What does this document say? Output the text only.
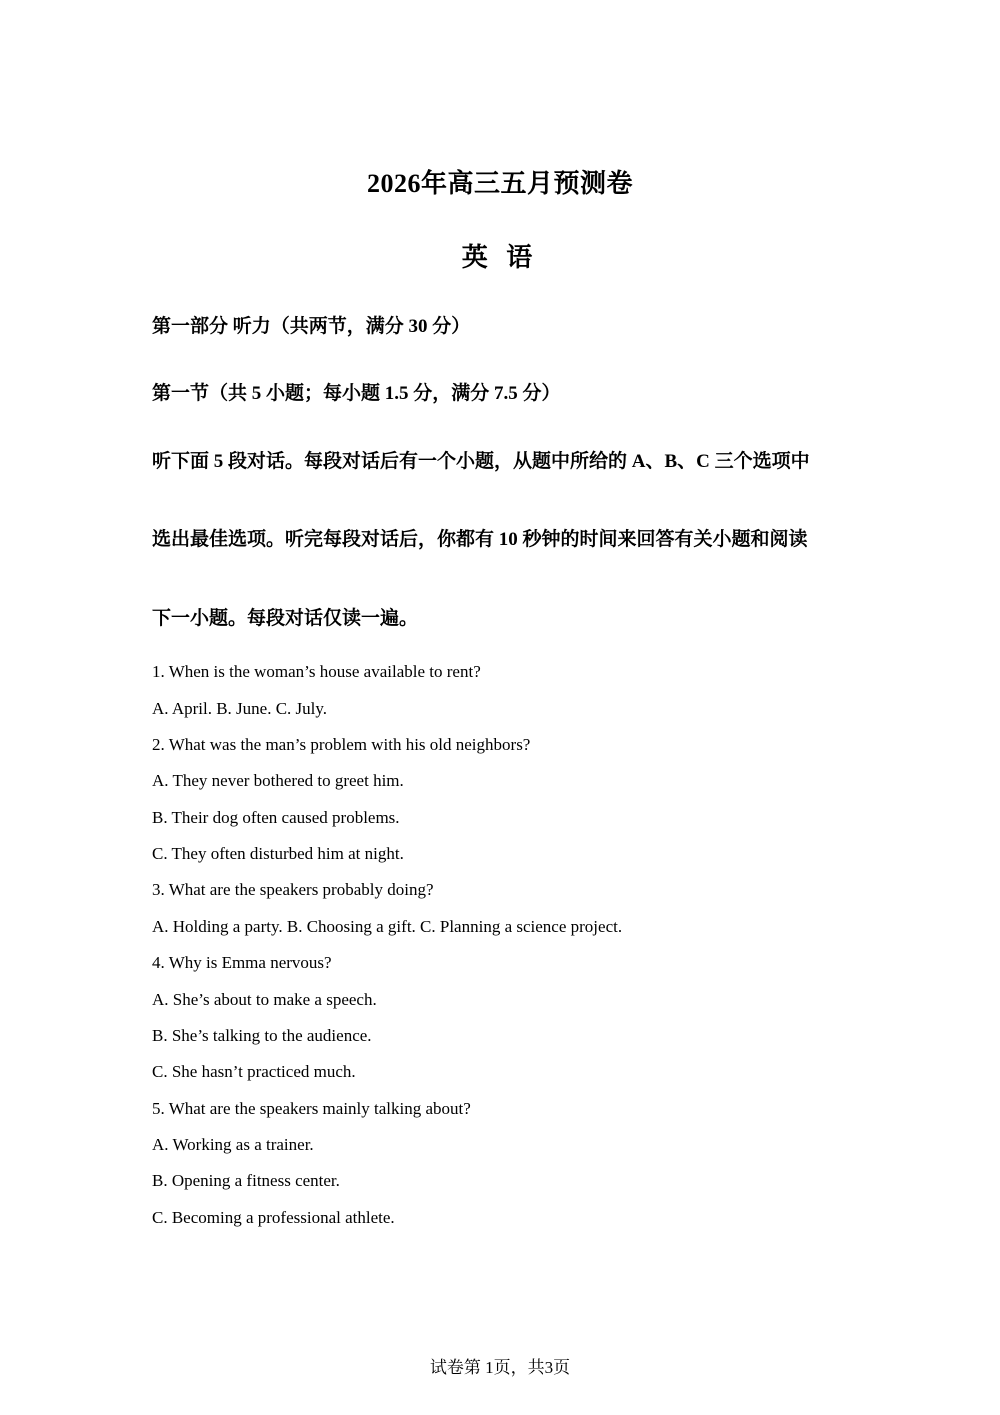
2026年高三五月预测卷
英 语
第一部分 听力（共两节，满分 30 分）
第一节（共 5 小题；每小题 1.5 分，满分 7.5 分）
听下面 5 段对话。每段对话后有一个小题，从题中所给的 A、B、C 三个选项中
选出最佳选项。听完每段对话后，你都有 10 秒钟的时间来回答有关小题和阅读
下一小题。每段对话仅读一遍。
1. When is the woman’s house available to rent?
A. April. B. June. C. July.
2. What was the man’s problem with his old neighbors?
A. They never bothered to greet him.
B. Their dog often caused problems.
C. They often disturbed him at night.
3. What are the speakers probably doing?
A. Holding a party. B. Choosing a gift. C. Planning a science project.
4. Why is Emma nervous?
A. She’s about to make a speech.
B. She’s talking to the audience.
C. She hasn’t practiced much.
5. What are the speakers mainly talking about?
A. Working as a trainer.
B. Opening a fitness center.
C. Becoming a professional athlete.
试卷第 1页，共3页
